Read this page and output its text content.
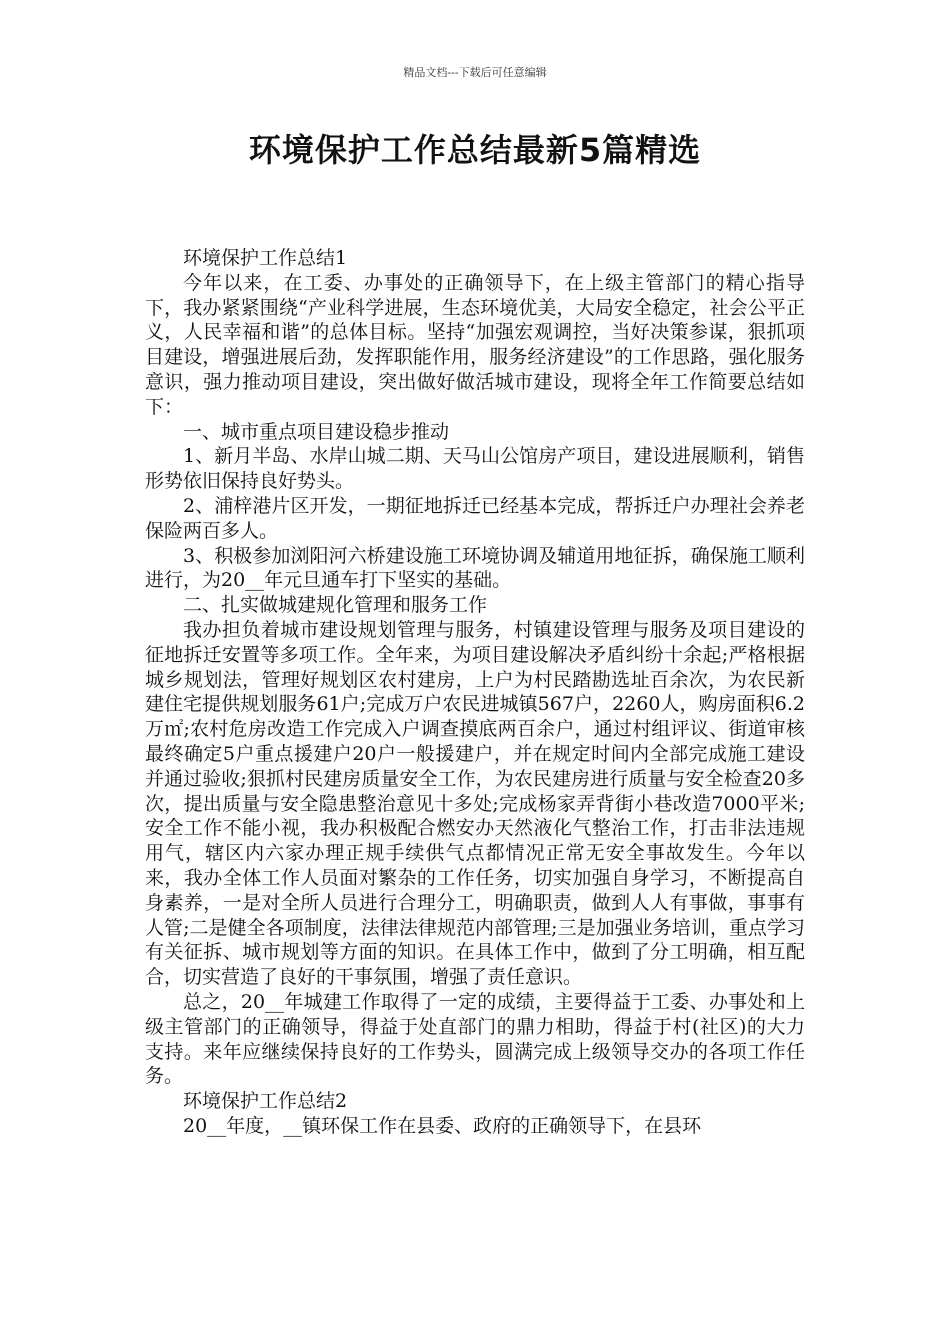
精品文档---下载后可任意编辑
环境保护工作总结最新5篇精选

环境保护工作总结1

今年以来，在工委、办事处的正确领导下，在上级主管部门的精心指导下，我办紧紧围绕“产业科学进展，生态环境优美，大局安全稳定，社会公平正义，人民幸福和谐”的总体目标。坚持“加强宏观调控，当好决策参谋，狠抓项目建设，增强进展后劲，发挥职能作用，服务经济建设”的工作思路，强化服务意识，强力推动项目建设，突出做好做活城市建设，现将全年工作简要总结如下：

一、城市重点项目建设稳步推动

1、新月半岛、水岸山城二期、天马山公馆房产项目，建设进展顺利，销售形势依旧保持良好势头。

2、浦梓港片区开发，一期征地拆迁已经基本完成，帮拆迁户办理社会养老保险两百多人。

3、积极参加浏阳河六桥建设施工环境协调及辅道用地征拆，确保施工顺利进行，为20__年元旦通车打下坚实的基础。

二、扎实做城建规化管理和服务工作

我办担负着城市建设规划管理与服务，村镇建设管理与服务及项目建设的征地拆迁安置等多项工作。全年来，为项目建设解决矛盾纠纷十余起;严格根据城乡规划法，管理好规划区农村建房，上户为村民踏勘选址百余次，为农民新建住宅提供规划服务61户;完成万户农民进城镇567户，2260人，购房面积6.2万㎡;农村危房改造工作完成入户调查摸底两百余户，通过村组评议、街道审核最终确定5户重点援建户20户一般援建户，并在规定时间内全部完成施工建设并通过验收;狠抓村民建房质量安全工作，为农民建房进行质量与安全检查20多次，提出质量与安全隐患整治意见十多处;完成杨家弄背街小巷改造7000平米;安全工作不能小视，我办积极配合燃安办天然液化气整治工作，打击非法违规用气，辖区内六家办理正规手续供气点都情况正常无安全事故发生。今年以来，我办全体工作人员面对繁杂的工作任务，切实加强自身学习，不断提高自身素养，一是对全所人员进行合理分工，明确职责，做到人人有事做，事事有人管;二是健全各项制度，法律法律规范内部管理;三是加强业务培训，重点学习有关征拆、城市规划等方面的知识。在具体工作中，做到了分工明确，相互配合，切实营造了良好的干事氛围，增强了责任意识。

总之，20__年城建工作取得了一定的成绩，主要得益于工委、办事处和上级主管部门的正确领导，得益于处直部门的鼎力相助，得益于村(社区)的大力支持。来年应继续保持良好的工作势头，圆满完成上级领导交办的各项工作任务。

环境保护工作总结2

20__年度，__镇环保工作在县委、政府的正确领导下，在县环
